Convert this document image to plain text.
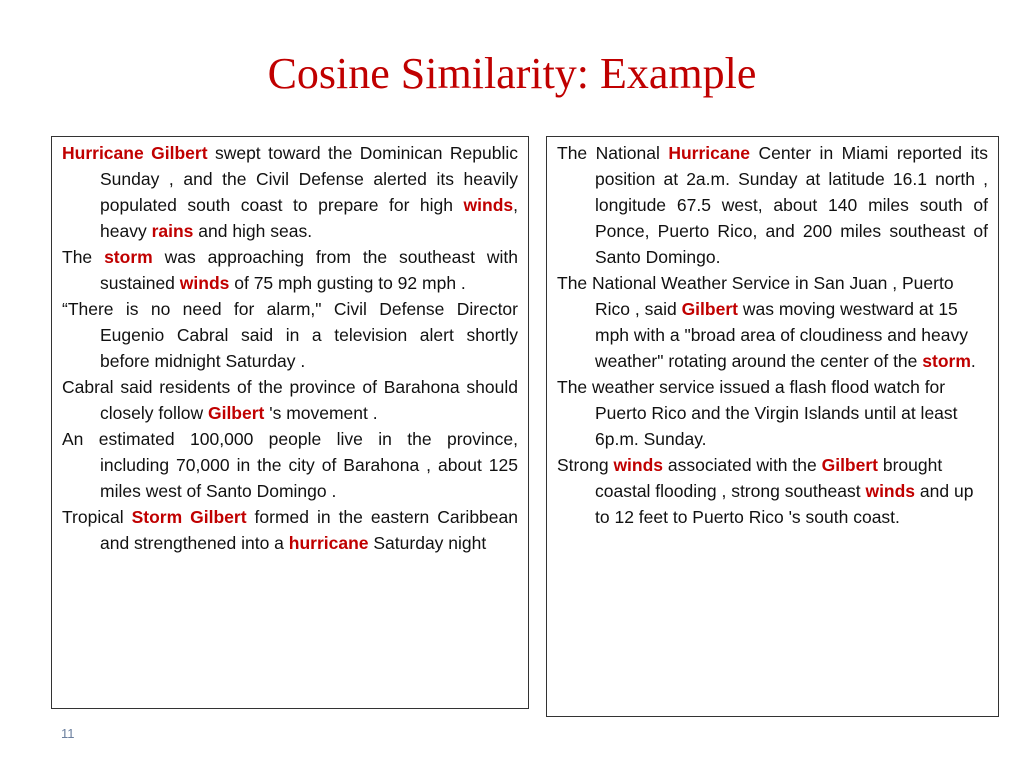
Cosine Similarity: Example

Hurricane Gilbert swept toward the Dominican Republic Sunday , and the Civil Defense alerted its heavily populated south coast to prepare for high winds, heavy rains and high seas.

The storm was approaching from the southeast with sustained winds of 75 mph gusting to 92 mph .

“There is no need for alarm," Civil Defense Director Eugenio Cabral said in a television alert shortly before midnight Saturday .

Cabral said residents of the province of Barahona should closely follow Gilbert 's movement .

An estimated 100,000 people live in the province, including 70,000 in the city of Barahona , about 125 miles west of Santo Domingo .

Tropical Storm Gilbert formed in the eastern Caribbean and strengthened into a hurricane Saturday night

The National Hurricane Center in Miami reported its position at 2a.m. Sunday at latitude 16.1 north , longitude 67.5 west, about 140 miles south of Ponce, Puerto Rico, and 200 miles southeast of Santo Domingo.

The National Weather Service in San Juan , Puerto Rico , said Gilbert was moving westward at 15 mph with a "broad area of cloudiness and heavy weather" rotating around the center of the storm.

The weather service issued a flash flood watch for Puerto Rico and the Virgin Islands until at least 6p.m. Sunday.

Strong winds associated with the Gilbert brought coastal flooding , strong southeast winds and up to 12 feet to Puerto Rico 's south coast.

11
